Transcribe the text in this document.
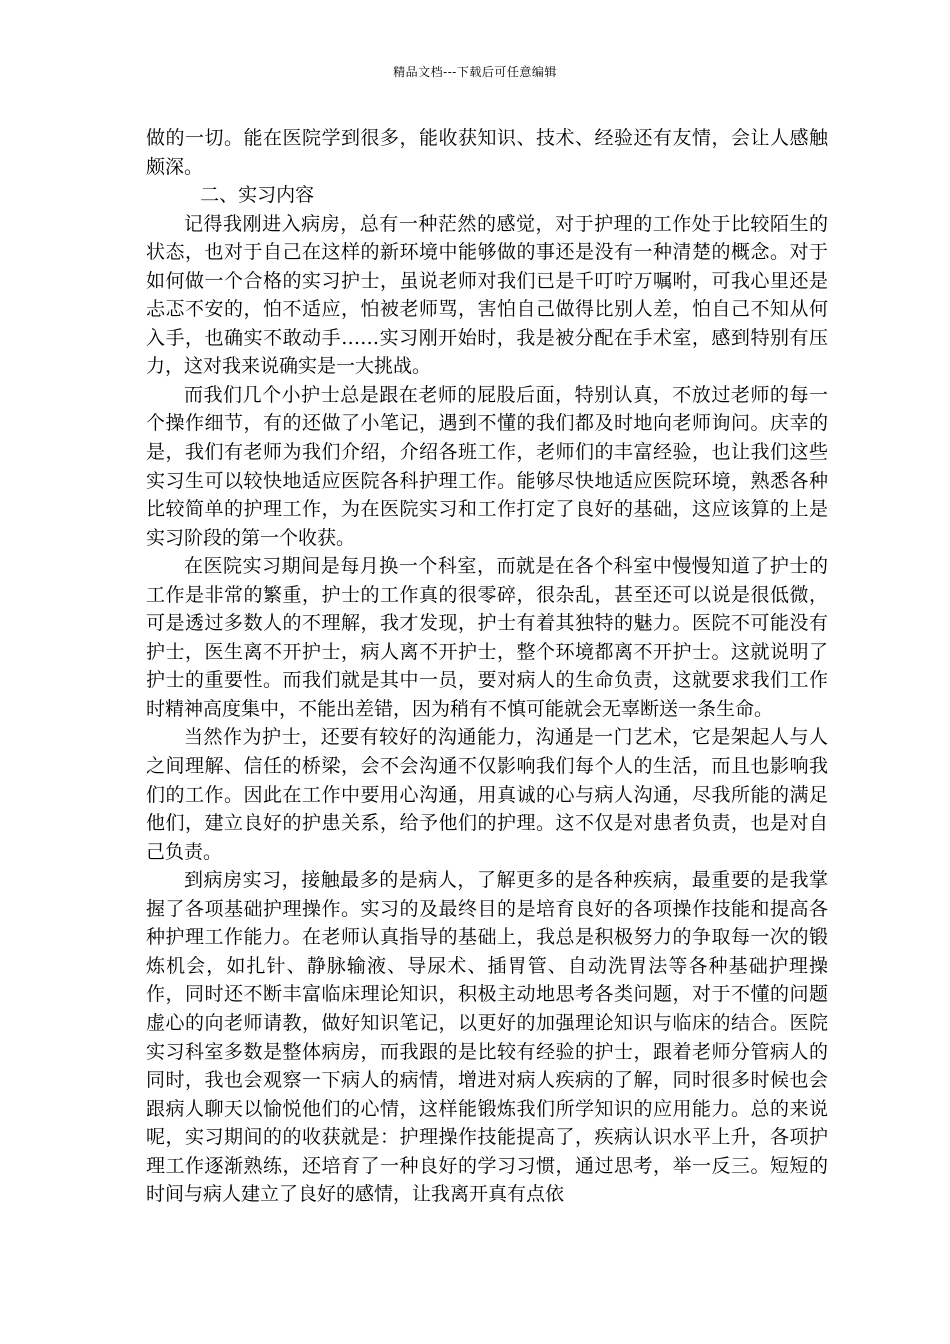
精品文档---下载后可任意编辑

做的一切。能在医院学到很多，能收获知识、技术、经验还有友情，会让人感触颇深。

二、实习内容

记得我刚进入病房，总有一种茫然的感觉，对于护理的工作处于比较陌生的状态，也对于自己在这样的新环境中能够做的事还是没有一种清楚的概念。对于如何做一个合格的实习护士，虽说老师对我们已是千叮咛万嘱咐，可我心里还是忐忑不安的，怕不适应，怕被老师骂，害怕自己做得比别人差，怕自己不知从何入手，也确实不敢动手……实习刚开始时，我是被分配在手术室，感到特别有压力，这对我来说确实是一大挑战。

而我们几个小护士总是跟在老师的屁股后面，特别认真，不放过老师的每一个操作细节，有的还做了小笔记，遇到不懂的我们都及时地向老师询问。庆幸的是，我们有老师为我们介绍，介绍各班工作，老师们的丰富经验，也让我们这些实习生可以较快地适应医院各科护理工作。能够尽快地适应医院环境，熟悉各种比较简单的护理工作，为在医院实习和工作打定了良好的基础，这应该算的上是实习阶段的第一个收获。

在医院实习期间是每月换一个科室，而就是在各个科室中慢慢知道了护士的工作是非常的繁重，护士的工作真的很零碎，很杂乱，甚至还可以说是很低微，可是透过多数人的不理解，我才发现，护士有着其独特的魅力。医院不可能没有护士，医生离不开护士，病人离不开护士，整个环境都离不开护士。这就说明了护士的重要性。而我们就是其中一员，要对病人的生命负责，这就要求我们工作时精神高度集中，不能出差错，因为稍有不慎可能就会无辜断送一条生命。

当然作为护士，还要有较好的沟通能力，沟通是一门艺术，它是架起人与人之间理解、信任的桥梁，会不会沟通不仅影响我们每个人的生活，而且也影响我们的工作。因此在工作中要用心沟通，用真诚的心与病人沟通，尽我所能的满足他们，建立良好的护患关系，给予他们的护理。这不仅是对患者负责，也是对自己负责。

到病房实习，接触最多的是病人，了解更多的是各种疾病，最重要的是我掌握了各项基础护理操作。实习的及最终目的是培育良好的各项操作技能和提高各种护理工作能力。在老师认真指导的基础上，我总是积极努力的争取每一次的锻炼机会，如扎针、静脉输液、导尿术、插胃管、自动洗胃法等各种基础护理操作，同时还不断丰富临床理论知识，积极主动地思考各类问题，对于不懂的问题虚心的向老师请教，做好知识笔记，以更好的加强理论知识与临床的结合。医院实习科室多数是整体病房，而我跟的是比较有经验的护士，跟着老师分管病人的同时，我也会观察一下病人的病情，增进对病人疾病的了解，同时很多时候也会跟病人聊天以愉悦他们的心情，这样能锻炼我们所学知识的应用能力。总的来说呢，实习期间的的收获就是：护理操作技能提高了，疾病认识水平上升，各项护理工作逐渐熟练，还培育了一种良好的学习习惯，通过思考，举一反三。短短的时间与病人建立了良好的感情，让我离开真有点依
